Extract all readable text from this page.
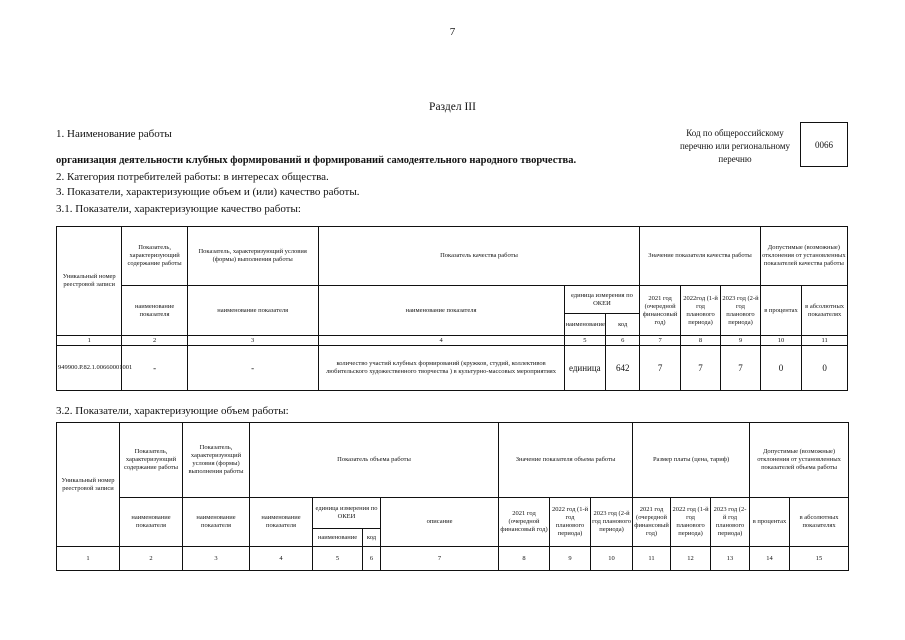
7
Раздел III
1. Наименование работы
организация деятельности клубных формирований и формирований самодеятельного народного творчества.
2. Категория потребителей работы: в интересах общества.
3. Показатели, характеризующие объем и (или) качество работы.
3.1. Показатели, характеризующие качество работы:
Код по общероссийскому перечню или региональному перечню
0066
Уникальный номер реестровой записи	Показатель, характеризующий содержание работы	Показатель, характеризующий условия (формы) выполнения работы	Показатель качества работы			Значение показателя качества работы			Допустимые (возможные) отклонения от установленных показателей качества работы	
	наименование показателя	наименование показателя	наименование показателя	единица измерения по ОКЕИ		2021 год (очередной финансовый год)	2022год (1-й год планового периода)	2023 год (2-й год планового периода)	в процентах	в абсолютных показателях
				наименование	код					
1	2	3	4	5	6	7	8	9	10	11
949900.Р.82.1.00660001001	-	-	количество участий клубных формирований (кружков, студий, коллективов любительского художественного творчества ) в культурно-массовых мероприятиях	единица	642	7	7	7	0	0
3.2. Показатели, характеризующие объем работы:
Уникальный номер реестровой записи	Показатель, характеризующий содержание работы	Показатель, характеризующий условия (формы) выполнения работы	Показатель объема работы				Значение показателя объема работы			Размер платы (цена, тариф)			Допустимые (возможные) отклонения от установленных показателей объема работы	
	наименование показателя	наименование показателя	наименование показателя	единица измерения по ОКЕИ		описание	2021 год (очередной финансовый год)	2022 год (1-й год планового периода)	2023 год (2-й год планового периода)	2021 год (очередной финансовый год)	2022 год (1-й год планового периода)	2023 год (2-й год планового периода)	в процентах	в абсолютных показателях
				наименование	код									
1	2	3	4	5	6	7	8	9	10	11	12	13	14	15
